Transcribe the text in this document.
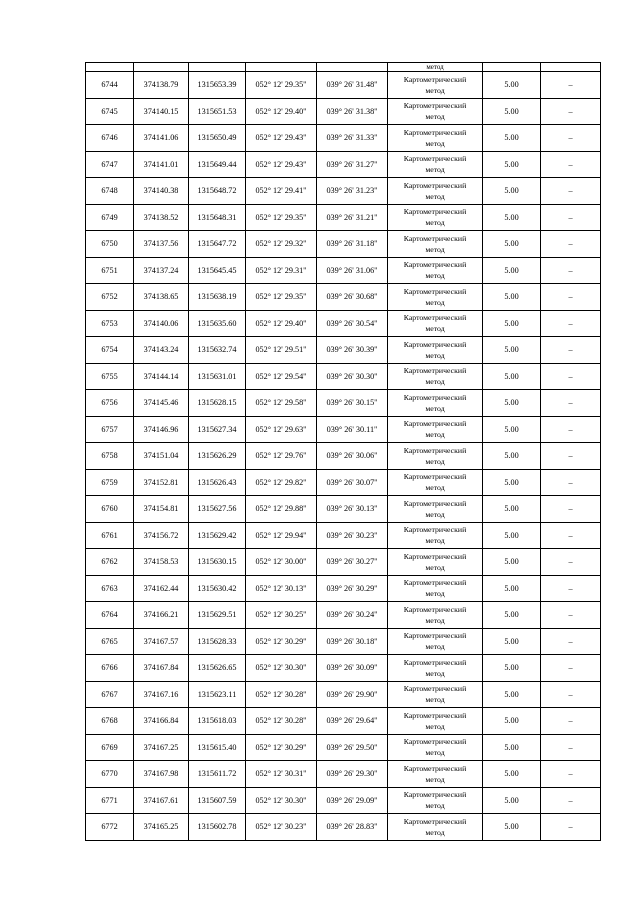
					метод		
6744	374138.79	1315653.39	052° 12' 29.35"	039° 26' 31.48"	Картометрический
метод	5.00	–
6745	374140.15	1315651.53	052° 12' 29.40"	039° 26' 31.38"	Картометрический
метод	5.00	–
6746	374141.06	1315650.49	052° 12' 29.43"	039° 26' 31.33"	Картометрический
метод	5.00	–
6747	374141.01	1315649.44	052° 12' 29.43"	039° 26' 31.27"	Картометрический
метод	5.00	–
6748	374140.38	1315648.72	052° 12' 29.41"	039° 26' 31.23"	Картометрический
метод	5.00	–
6749	374138.52	1315648.31	052° 12' 29.35"	039° 26' 31.21"	Картометрический
метод	5.00	–
6750	374137.56	1315647.72	052° 12' 29.32"	039° 26' 31.18"	Картометрический
метод	5.00	–
6751	374137.24	1315645.45	052° 12' 29.31"	039° 26' 31.06"	Картометрический
метод	5.00	–
6752	374138.65	1315638.19	052° 12' 29.35"	039° 26' 30.68"	Картометрический
метод	5.00	–
6753	374140.06	1315635.60	052° 12' 29.40"	039° 26' 30.54"	Картометрический
метод	5.00	–
6754	374143.24	1315632.74	052° 12' 29.51"	039° 26' 30.39"	Картометрический
метод	5.00	–
6755	374144.14	1315631.01	052° 12' 29.54"	039° 26' 30.30"	Картометрический
метод	5.00	–
6756	374145.46	1315628.15	052° 12' 29.58"	039° 26' 30.15"	Картометрический
метод	5.00	–
6757	374146.96	1315627.34	052° 12' 29.63"	039° 26' 30.11"	Картометрический
метод	5.00	–
6758	374151.04	1315626.29	052° 12' 29.76"	039° 26' 30.06"	Картометрический
метод	5.00	–
6759	374152.81	1315626.43	052° 12' 29.82"	039° 26' 30.07"	Картометрический
метод	5.00	–
6760	374154.81	1315627.56	052° 12' 29.88"	039° 26' 30.13"	Картометрический
метод	5.00	–
6761	374156.72	1315629.42	052° 12' 29.94"	039° 26' 30.23"	Картометрический
метод	5.00	–
6762	374158.53	1315630.15	052° 12' 30.00"	039° 26' 30.27"	Картометрический
метод	5.00	–
6763	374162.44	1315630.42	052° 12' 30.13"	039° 26' 30.29"	Картометрический
метод	5.00	–
6764	374166.21	1315629.51	052° 12' 30.25"	039° 26' 30.24"	Картометрический
метод	5.00	–
6765	374167.57	1315628.33	052° 12' 30.29"	039° 26' 30.18"	Картометрический
метод	5.00	–
6766	374167.84	1315626.65	052° 12' 30.30"	039° 26' 30.09"	Картометрический
метод	5.00	–
6767	374167.16	1315623.11	052° 12' 30.28"	039° 26' 29.90"	Картометрический
метод	5.00	–
6768	374166.84	1315618.03	052° 12' 30.28"	039° 26' 29.64"	Картометрический
метод	5.00	–
6769	374167.25	1315615.40	052° 12' 30.29"	039° 26' 29.50"	Картометрический
метод	5.00	–
6770	374167.98	1315611.72	052° 12' 30.31"	039° 26' 29.30"	Картометрический
метод	5.00	–
6771	374167.61	1315607.59	052° 12' 30.30"	039° 26' 29.09"	Картометрический
метод	5.00	–
6772	374165.25	1315602.78	052° 12' 30.23"	039° 26' 28.83"	Картометрический
метод	5.00	–
